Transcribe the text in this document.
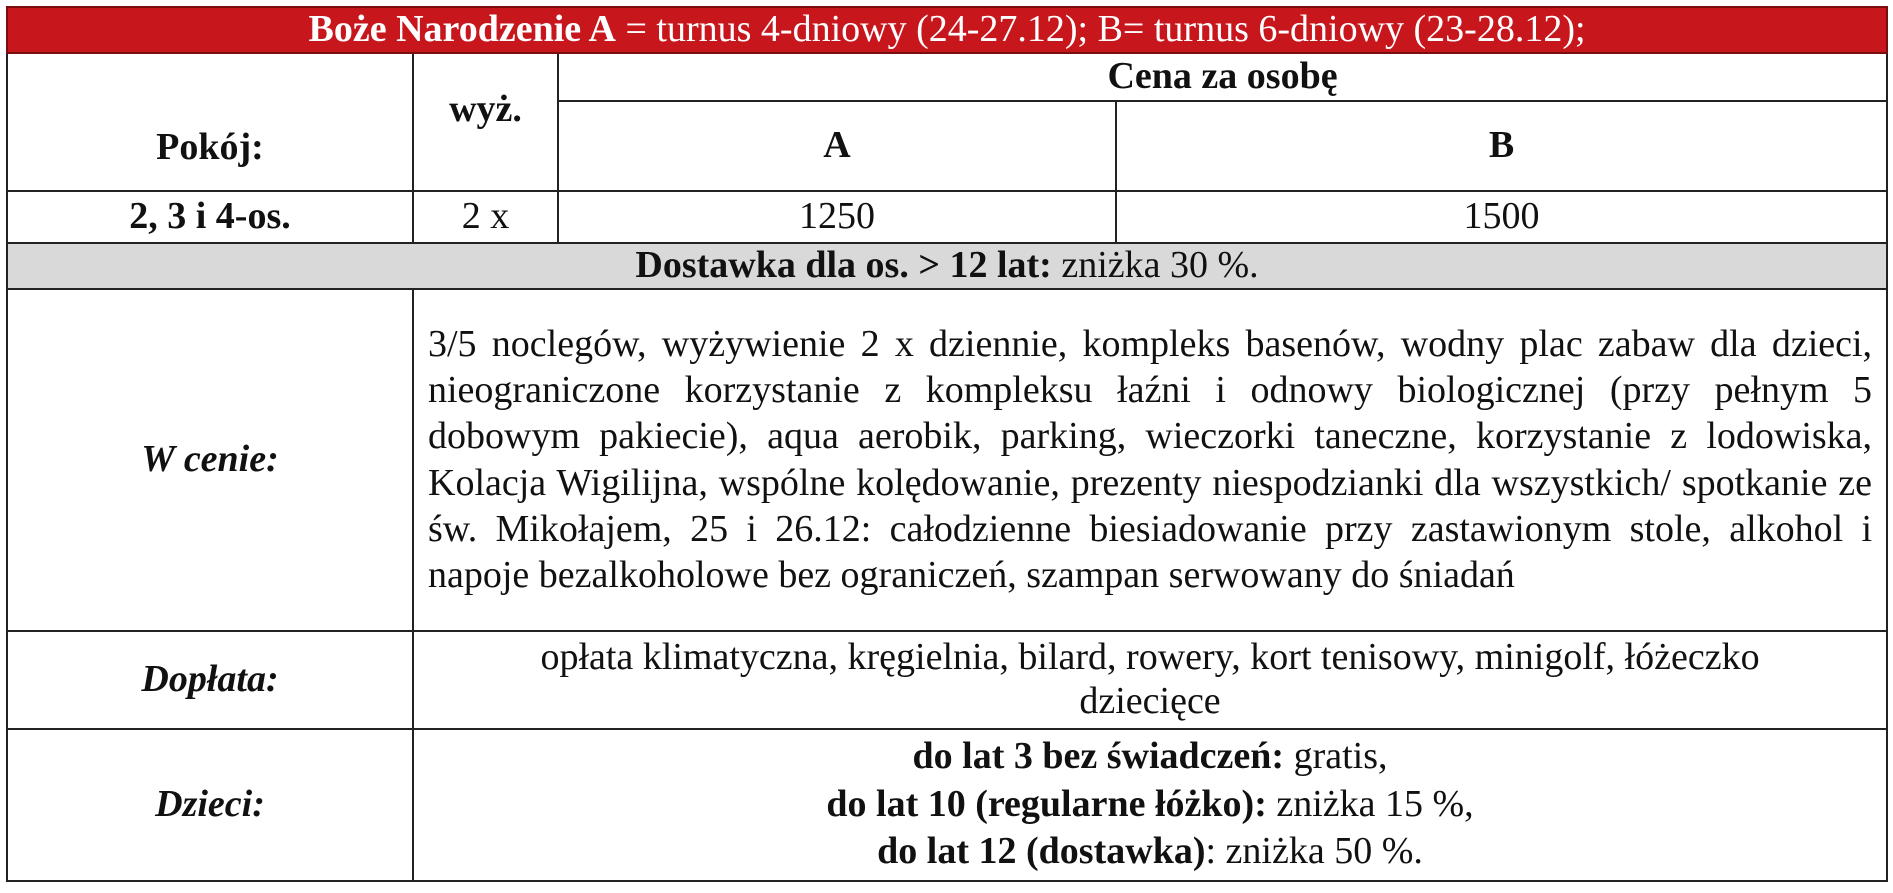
Boże Narodzenie A = turnus 4-dniowy (24-27.12); B= turnus 6-dniowy (23-28.12);			
Pokój:	wyż.	Cena za osobę	
		A	B
2, 3 i 4-os.	2 x	1250	1500
Dostawka dla os. > 12 lat: zniżka 30 %.			
W cenie:	3/5 noclegów, wyżywienie 2 x dziennie, kompleks basenów, wodny plac zabaw dla dzieci, nieograniczone korzystanie z kompleksu łaźni i odnowy biologicznej (przy pełnym 5 dobowym pakiecie), aqua aerobik, parking, wieczorki taneczne, korzystanie z lodowiska, Kolacja Wigilijna, wspólne kolędowanie, prezenty niespodzianki dla wszystkich/ spotkanie ze św. Mikołajem, 25 i 26.12: całodzienne biesiadowanie przy zastawionym stole, alkohol i napoje bezalkoholowe bez ograniczeń, szampan serwowany do śniadań		
Dopłata:	opłata klimatyczna, kręgielnia, bilard, rowery, kort tenisowy, minigolf, łóżeczko dziecięce		
Dzieci:	do lat 3 bez świadczeń: gratis,
do lat 10 (regularne łóżko): zniżka 15 %,
do lat 12 (dostawka): zniżka 50 %.		
